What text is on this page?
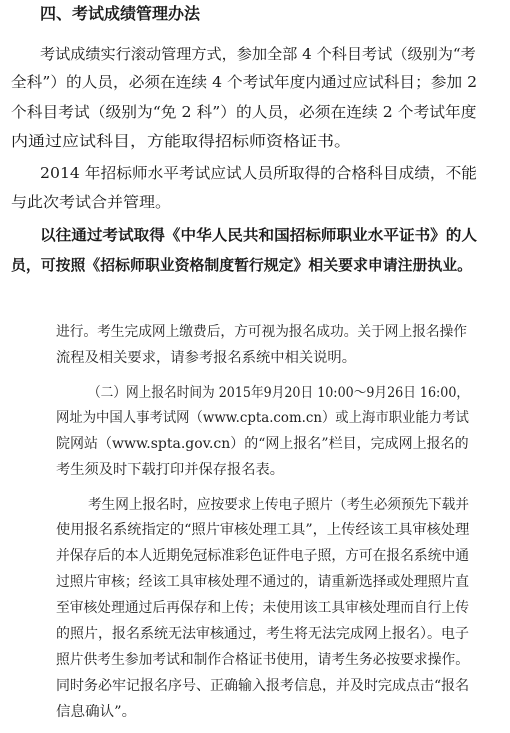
四、考试成绩管理办法
考试成绩实行滚动管理方式，参加全部 4 个科目考试（级别为“考
全科”）的人员，必须在连续 4 个考试年度内通过应试科目；参加 2
个科目考试（级别为“免 2 科”）的人员，必须在连续 2 个考试年度
内通过应试科目，方能取得招标师资格证书。
2014 年招标师水平考试应试人员所取得的合格科目成绩，不能
与此次考试合并管理。
以往通过考试取得《中华人民共和国招标师职业水平证书》的人
员，可按照《招标师职业资格制度暂行规定》相关要求申请注册执业。
进行。考生完成网上缴费后，方可视为报名成功。关于网上报名操作
流程及相关要求，请参考报名系统中相关说明。
（二）网上报名时间为 2015年9月20日 10:00～9月26日 16:00，
网址为中国人事考试网（www.cpta.com.cn）或上海市职业能力考试
院网站（www.spta.gov.cn）的“网上报名”栏目，完成网上报名的
考生须及时下载打印并保存报名表。
考生网上报名时，应按要求上传电子照片（考生必须预先下载并
使用报名系统指定的“照片审核处理工具”，上传经该工具审核处理
并保存后的本人近期免冠标准彩色证件电子照，方可在报名系统中通
过照片审核；经该工具审核处理不通过的，请重新选择或处理照片直
至审核处理通过后再保存和上传；未使用该工具审核处理而自行上传
的照片，报名系统无法审核通过，考生将无法完成网上报名）。电子
照片供考生参加考试和制作合格证书使用，请考生务必按要求操作。
同时务必牢记报名序号、正确输入报考信息，并及时完成点击“报名
信息确认”。
